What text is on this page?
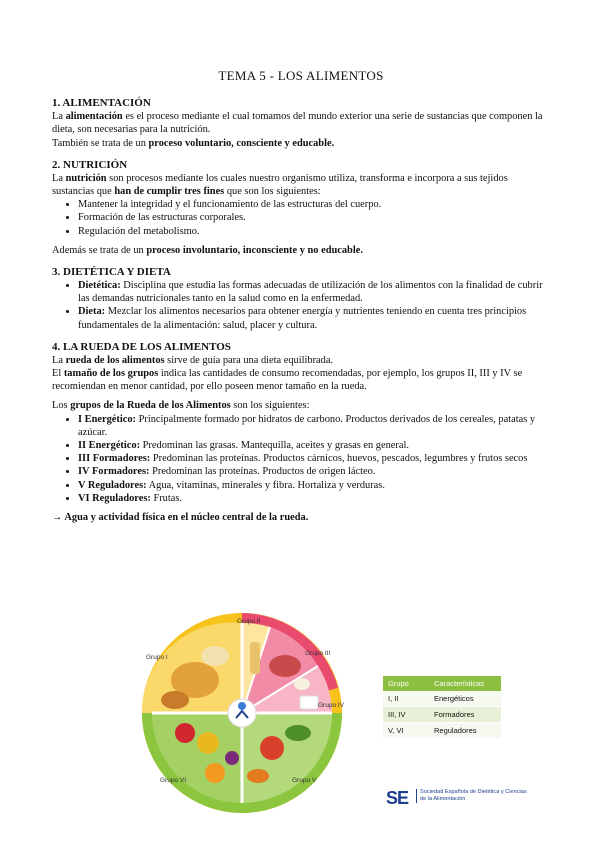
TEMA 5 - LOS ALIMENTOS

1. ALIMENTACIÓN

La alimentación es el proceso mediante el cual tomamos del mundo exterior una serie de sustancias que componen la dieta, son necesarias para la nutrición.

También se trata de un proceso voluntario, consciente y educable.

2. NUTRICIÓN

La nutrición son procesos mediante los cuales nuestro organismo utiliza, transforma e incorpora a sus tejidos sustancias que han de cumplir tres fines que son los siguientes:

• Mantener la integridad y el funcionamiento de las estructuras del cuerpo.
• Formación de las estructuras corporales.
• Regulación del metabolismo.

Además se trata de un proceso involuntario, inconsciente y no educable.

3. DIETÉTICA Y DIETA

• Dietética: Disciplina que estudia las formas adecuadas de utilización de los alimentos con la finalidad de cubrir las demandas nutricionales tanto en la salud como en la enfermedad.
• Dieta: Mezclar los alimentos necesarios para obtener energía y nutrientes teniendo en cuenta tres principios fundamentales de la alimentación: salud, placer y cultura.

4. LA RUEDA DE LOS ALIMENTOS

La rueda de los alimentos sirve de guía para una dieta equilibrada.

El tamaño de los grupos indica las cantidades de consumo recomendadas, por ejemplo, los grupos II, III y IV se recomiendan en menor cantidad, por ello poseen menor tamaño en la rueda.

Los grupos de la Rueda de los Alimentos son los siguientes:

• I Energético: Principalmente formado por hidratos de carbono. Productos derivados de los cereales, patatas y azúcar.
• II Energético: Predominan las grasas. Mantequilla, aceites y grasas en general.
• III Formadores: Predominan las proteínas. Productos cárnicos, huevos, pescados, legumbres y frutos secos
• IV Formadores: Predominan las proteínas. Productos de origen lácteo.
• V Reguladores: Agua, vitaminas, minerales y fibra. Hortaliza y verduras.
• VI Reguladores: Frutas.

→ Agua y actividad física en el núcleo central de la rueda.

Grupo I
Grupo II
Grupo III
Grupo IV
Grupo V
Grupo VI
Grupo	Características
I, II	Energéticos
III, IV	Formadores
V, VI	Reguladores
SE	Sociedad Española de Dietética y Ciencias de la Alimentación
